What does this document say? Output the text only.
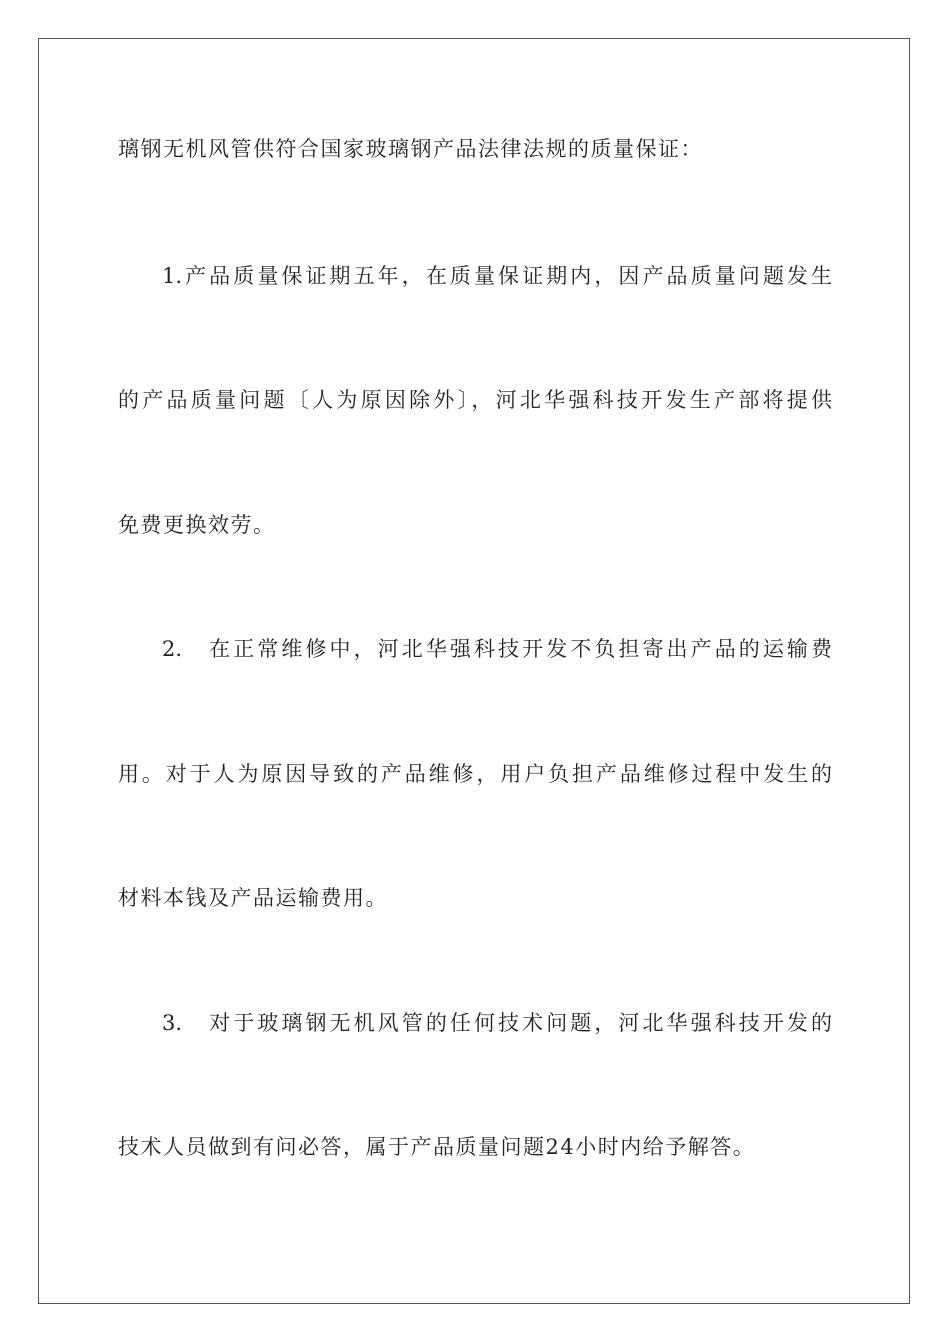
璃钢无机风管供符合国家玻璃钢产品法律法规的质量保证：
1.产品质量保证期五年，在质量保证期内，因产品质量问题发生
的产品质量问题〔人为原因除外〕，河北华强科技开发生产部将提供
免费更换效劳。
2.　在正常维修中，河北华强科技开发不负担寄出产品的运输费
用。对于人为原因导致的产品维修，用户负担产品维修过程中发生的
材料本钱及产品运输费用。
3.　对于玻璃钢无机风管的任何技术问题，河北华强科技开发的
技术人员做到有问必答，属于产品质量问题24小时内给予解答。
